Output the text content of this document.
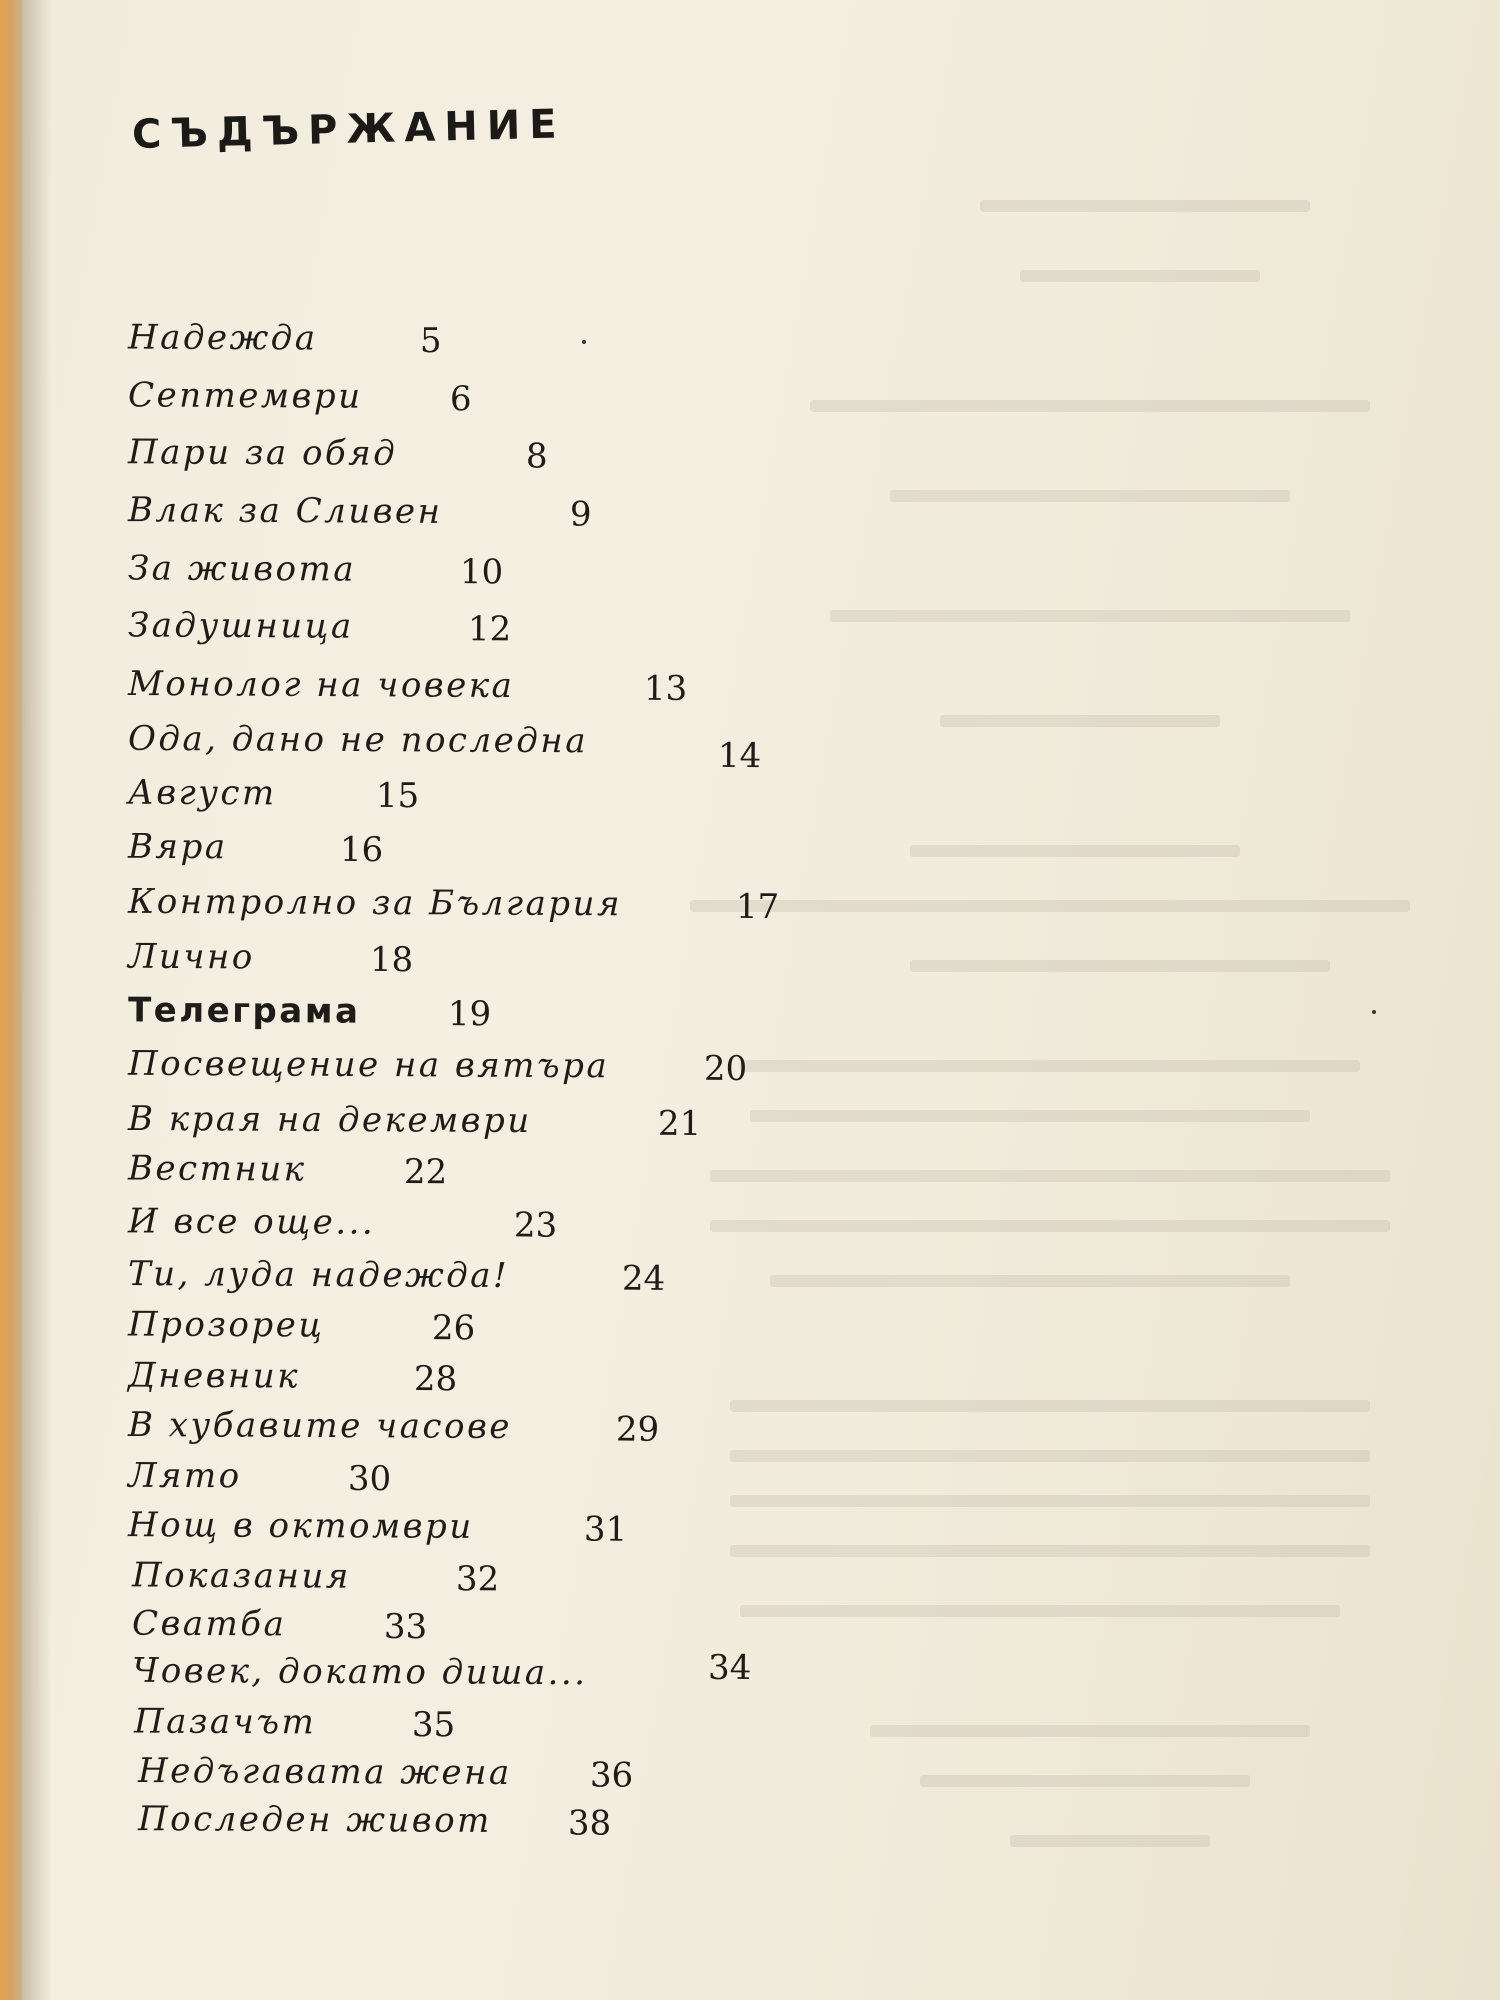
СЪДЪРЖАНИЕ
Надежда	5
Септември	6
Пари за обяд	8
Влак за Сливен	9
За живота	10
Задушница	12
Монолог на човека	13
Ода, дано не последна	14
Август	15
Вяра	16
Контролно за България	17
Лично	18
Телеграма	19
Посвещение на вятъра	20
В края на декември	21
Вестник	22
И все още...	23
Ти, луда надежда!	24
Прозорец	26
Дневник	28
В хубавите часове	29
Лято	30
Нощ в октомври	31
Показания	32
Сватба	33
Човек, докато диша...	34
Пазачът	35
Недъгавата жена 36
Последен живот 38
